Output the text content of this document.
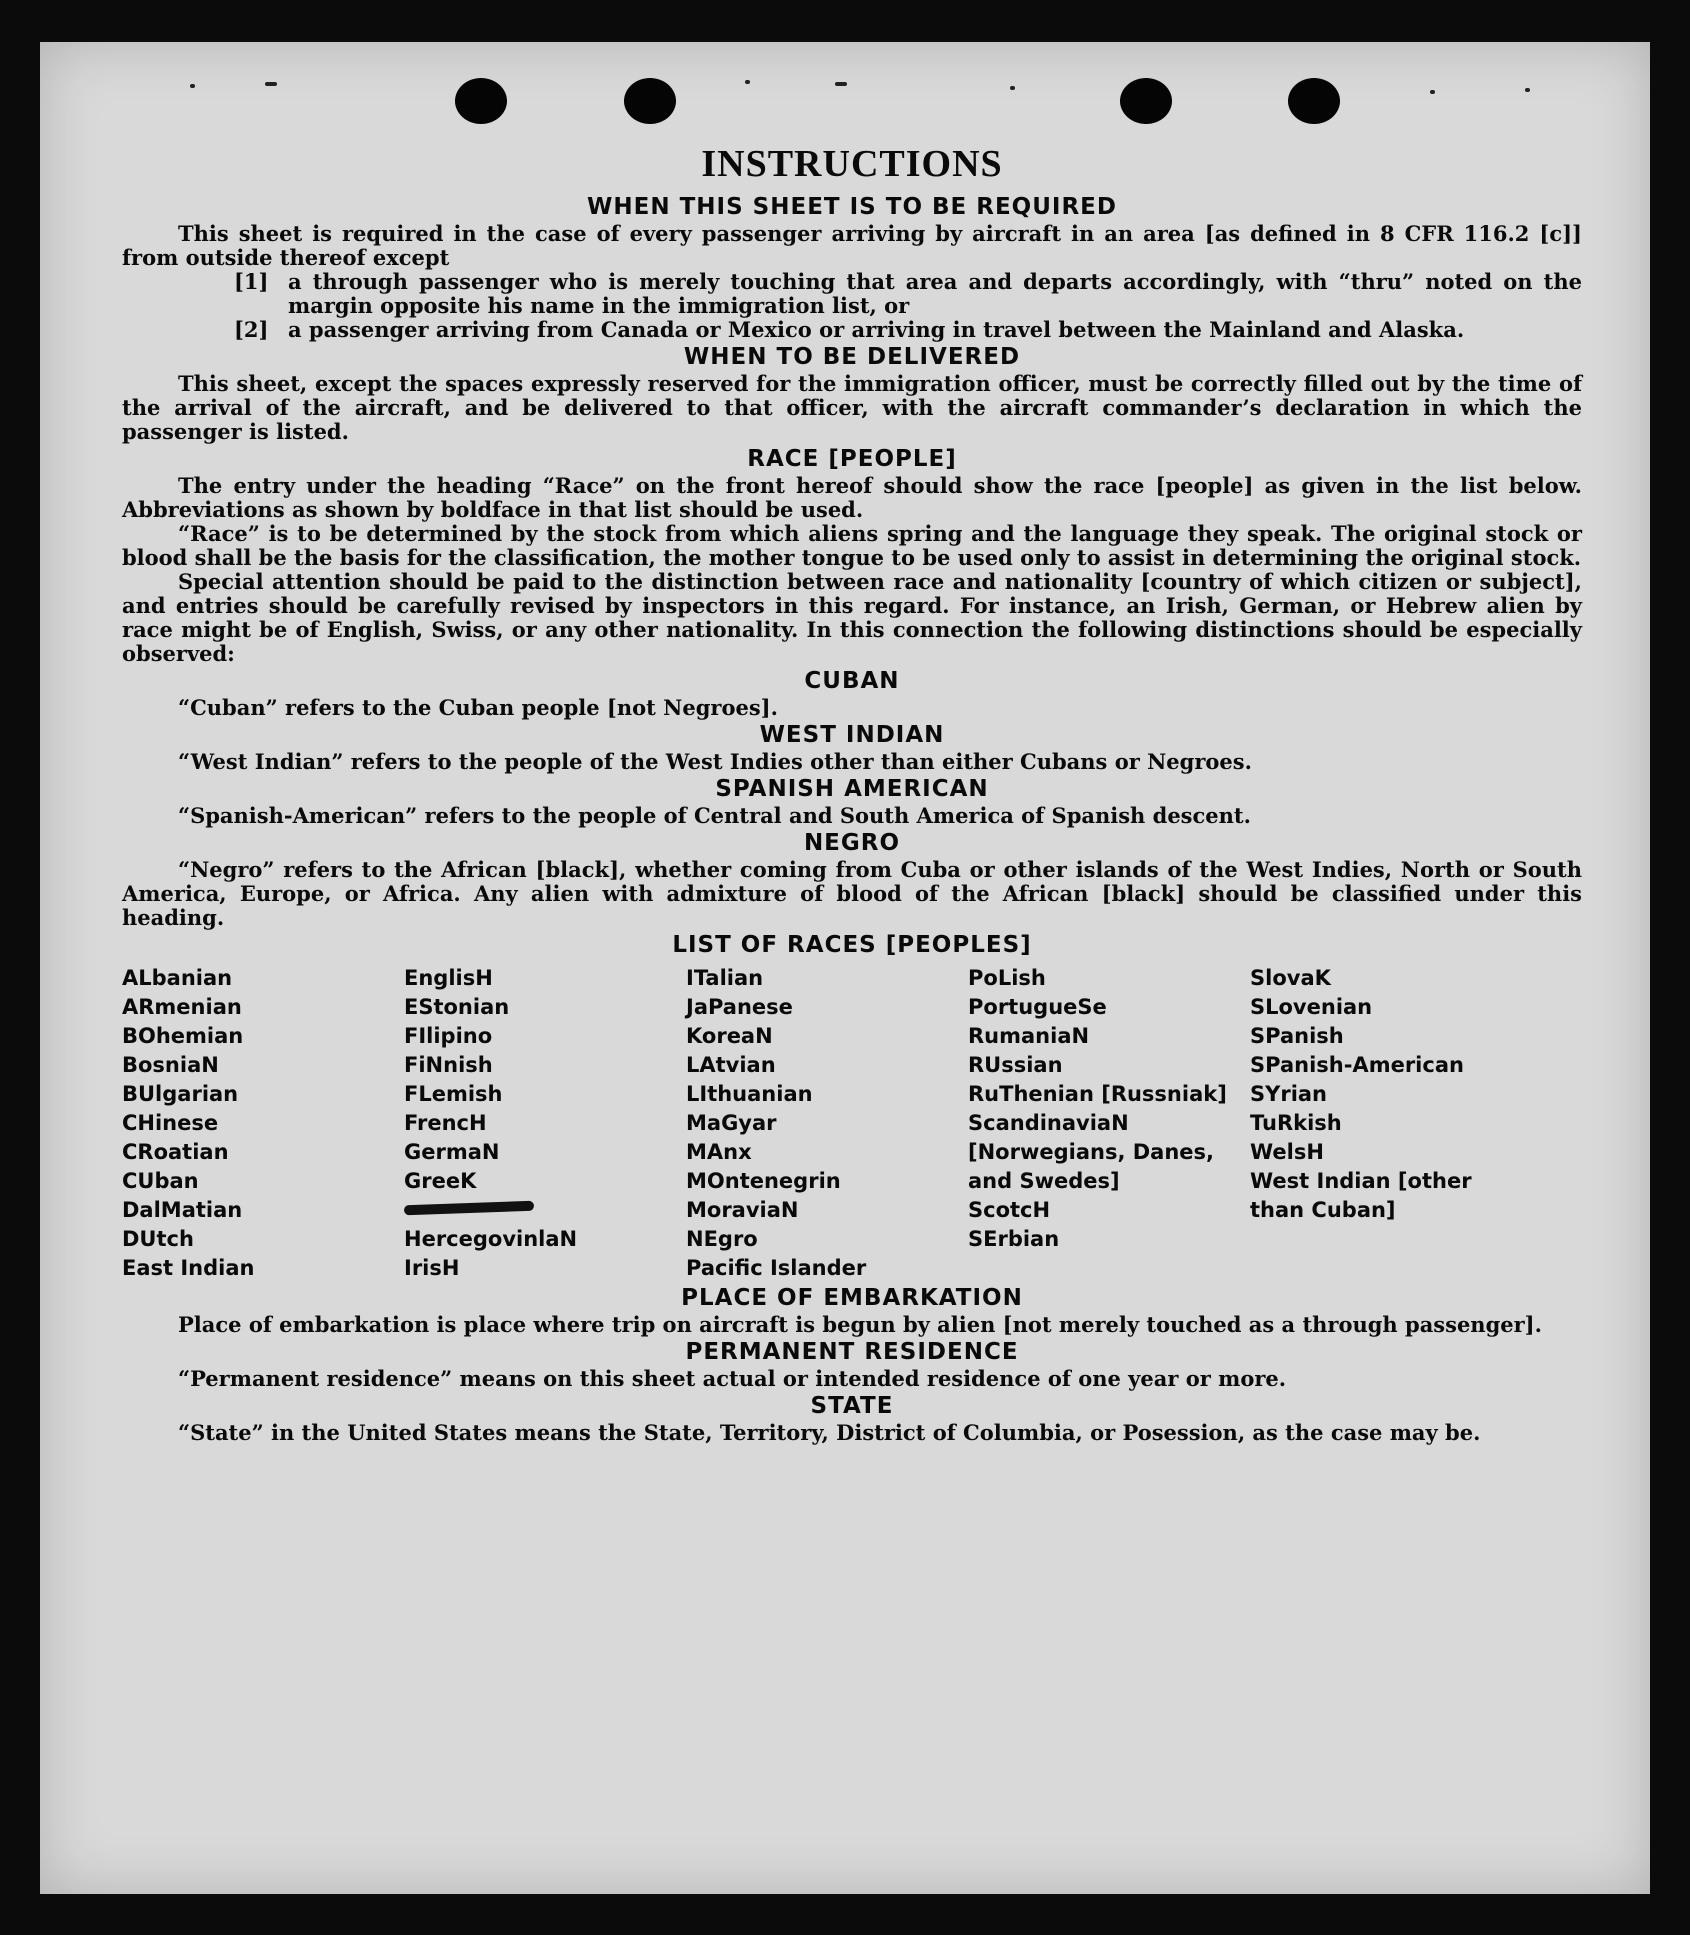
INSTRUCTIONS
WHEN THIS SHEET IS TO BE REQUIRED

This sheet is required in the case of every passenger arriving by aircraft in an area [as defined in 8 CFR 116.2 [c]] from outside thereof except

[1] a through passenger who is merely touching that area and departs accordingly, with “thru” noted on the margin opposite his name in the immigration list, or
[2] a passenger arriving from Canada or Mexico or arriving in travel between the Mainland and Alaska.
WHEN TO BE DELIVERED

This sheet, except the spaces expressly reserved for the immigration officer, must be correctly filled out by the time of the arrival of the aircraft, and be delivered to that officer, with the aircraft commander’s declaration in which the passenger is listed.

RACE [PEOPLE]

The entry under the heading “Race” on the front hereof should show the race [people] as given in the list below. Abbreviations as shown by boldface in that list should be used.

“Race” is to be determined by the stock from which aliens spring and the language they speak. The original stock or blood shall be the basis for the classification, the mother tongue to be used only to assist in determining the original stock.

Special attention should be paid to the distinction between race and nationality [country of which citizen or subject], and entries should be carefully revised by inspectors in this regard. For instance, an Irish, German, or Hebrew alien by race might be of English, Swiss, or any other nationality. In this connection the following distinctions should be especially observed:

CUBAN

“Cuban” refers to the Cuban people [not Negroes].

WEST INDIAN

“West Indian” refers to the people of the West Indies other than either Cubans or Negroes.

SPANISH AMERICAN

“Spanish-American” refers to the people of Central and South America of Spanish descent.

NEGRO

“Negro” refers to the African [black], whether coming from Cuba or other islands of the West Indies, North or South America, Europe, or Africa. Any alien with admixture of blood of the African [black] should be classified under this heading.

LIST OF RACES [PEOPLES]
ALbanian
ARmenian
BOhemian
BosniaN
BUlgarian
CHinese
CRoatian
CUban
DalMatian
DUtch
East Indian
EnglisH
EStonian
FIlipino
FiNnish
FLemish
FrencH
GermaN
GreeK
HercegovinlaN
IrisH
ITalian
JaPanese
KoreaN
LAtvian
LIthuanian
MaGyar
MAnx
MOntenegrin
MoraviaN
NEgro
Pacific Islander
PoLish
PortugueSe
RumaniaN
RUssian
RuThenian [Russniak]
ScandinaviaN [Norwegians, Danes, and Swedes]
ScotcH
SErbian
SlovaK
SLovenian
SPanish
SPanish-American
SYrian
TuRkish
WelsH
West Indian [other than Cuban]
PLACE OF EMBARKATION

Place of embarkation is place where trip on aircraft is begun by alien [not merely touched as a through passenger].

PERMANENT RESIDENCE

“Permanent residence” means on this sheet actual or intended residence of one year or more.

STATE

“State” in the United States means the State, Territory, District of Columbia, or Posession, as the case may be.
